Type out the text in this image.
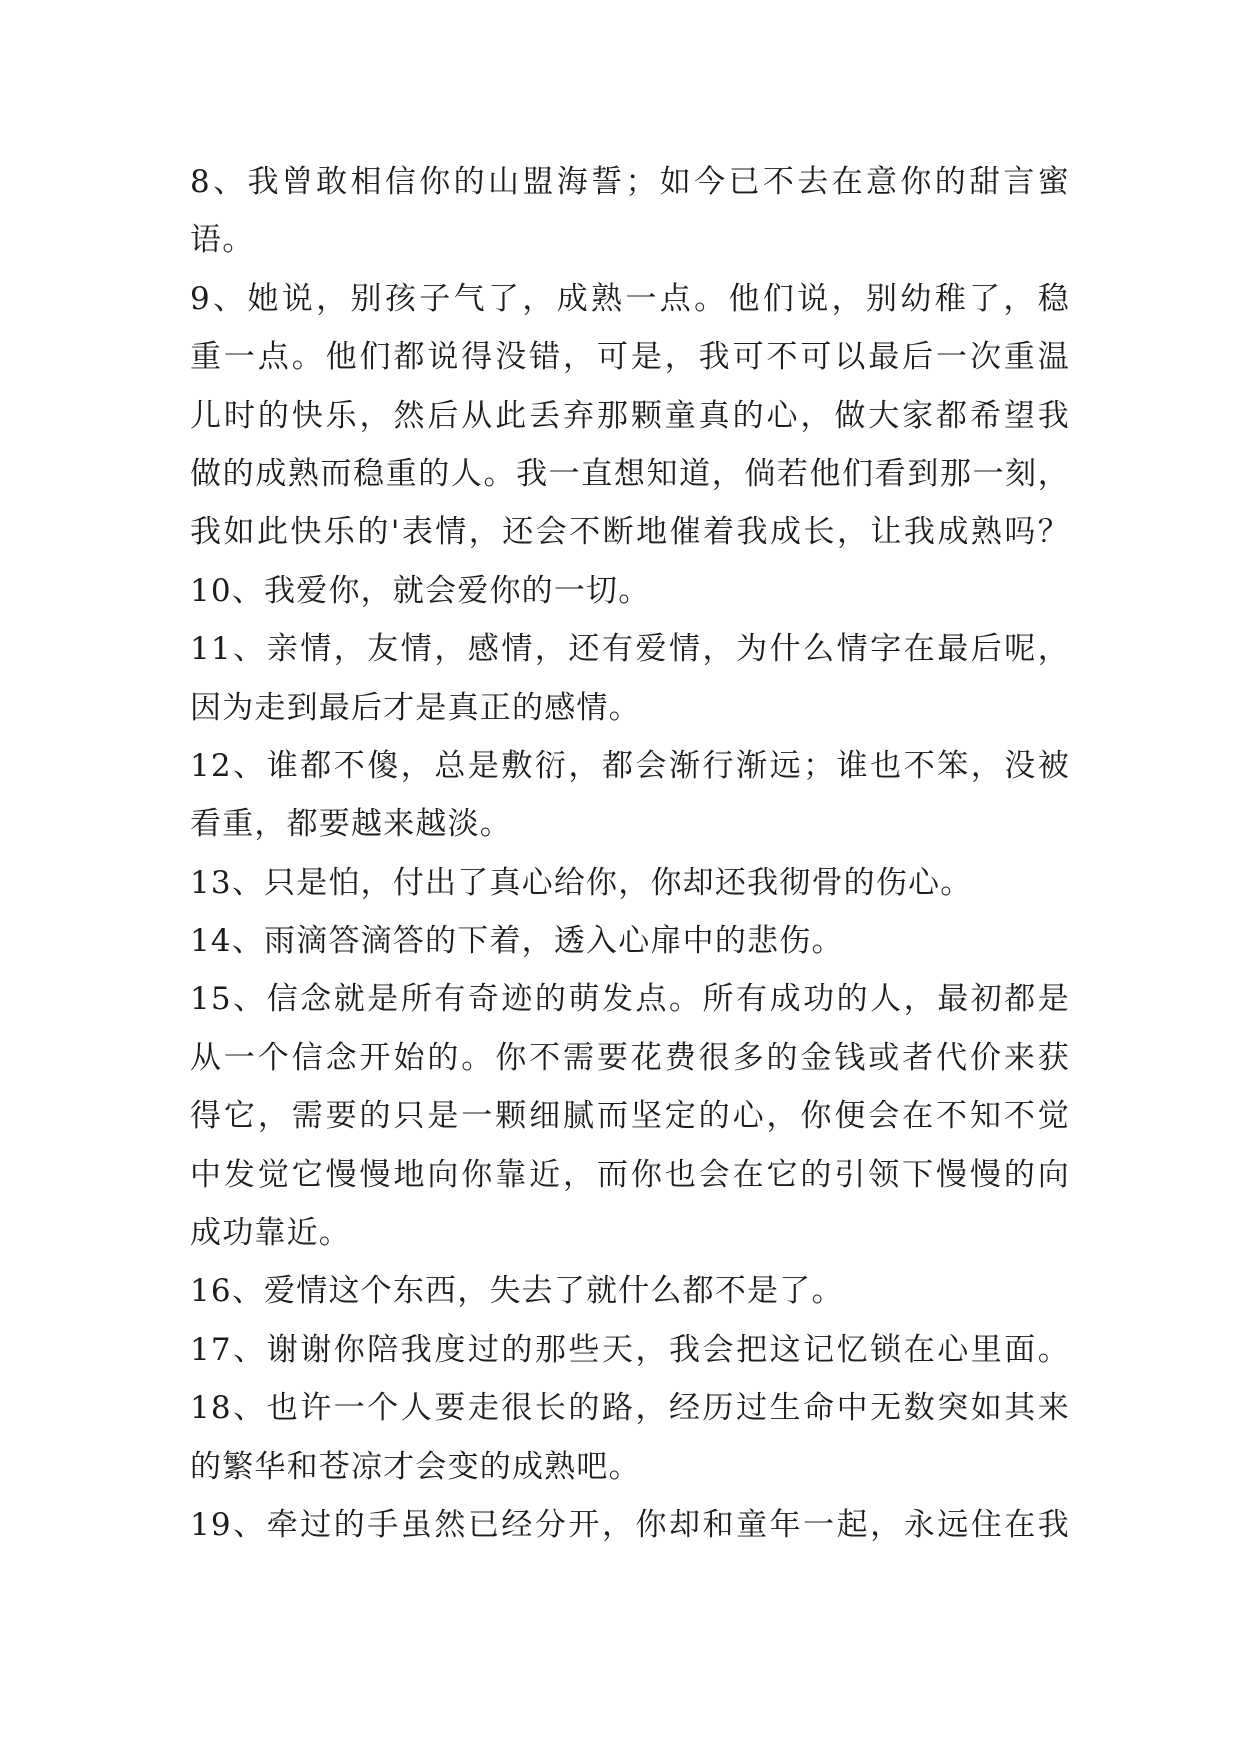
8、我曾敢相信你的山盟海誓；如今已不去在意你的甜言蜜
语。
9、她说，别孩子气了，成熟一点。他们说，别幼稚了，稳
重一点。他们都说得没错，可是，我可不可以最后一次重温
儿时的快乐，然后从此丢弃那颗童真的心，做大家都希望我
做的成熟而稳重的人。我一直想知道，倘若他们看到那一刻，
我如此快乐的'表情，还会不断地催着我成长，让我成熟吗？
10、我爱你，就会爱你的一切。
11、亲情，友情，感情，还有爱情，为什么情字在最后呢，
因为走到最后才是真正的感情。
12、谁都不傻，总是敷衍，都会渐行渐远；谁也不笨，没被
看重，都要越来越淡。
13、只是怕，付出了真心给你，你却还我彻骨的伤心。
14、雨滴答滴答的下着，透入心扉中的悲伤。
15、信念就是所有奇迹的萌发点。所有成功的人，最初都是
从一个信念开始的。你不需要花费很多的金钱或者代价来获
得它，需要的只是一颗细腻而坚定的心，你便会在不知不觉
中发觉它慢慢地向你靠近，而你也会在它的引领下慢慢的向
成功靠近。
16、爱情这个东西，失去了就什么都不是了。
17、谢谢你陪我度过的那些天，我会把这记忆锁在心里面。
18、也许一个人要走很长的路，经历过生命中无数突如其来
的繁华和苍凉才会变的成熟吧。
19、牵过的手虽然已经分开，你却和童年一起，永远住在我
